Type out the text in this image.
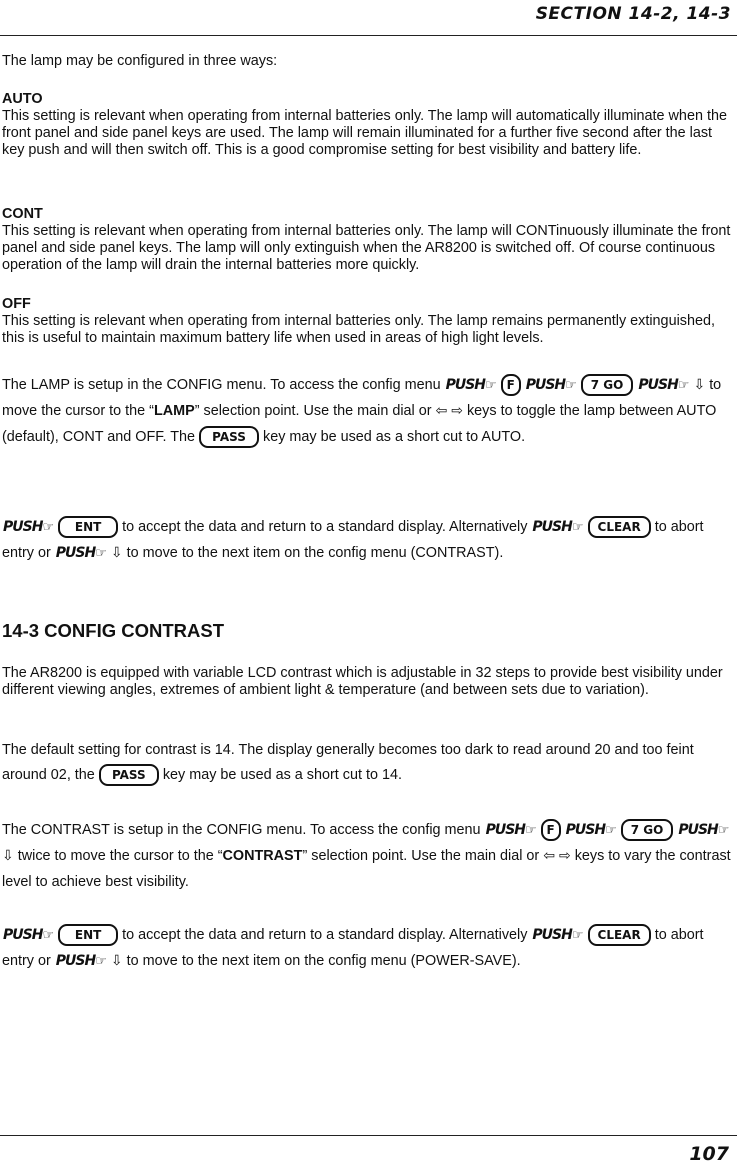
SECTION 14-2, 14-3

The lamp may be configured in three ways:

AUTO
This setting is relevant when operating from internal batteries only. The lamp will automatically illuminate when the front panel and side panel keys are used. The lamp will remain illuminated for a further five second after the last key push and will then switch off. This is a good compromise setting for best visibility and battery life.

CONT
This setting is relevant when operating from internal batteries only. The lamp will CONTinuously illuminate the front panel and side panel keys. The lamp will only extinguish when the AR8200 is switched off. Of course continuous operation of the lamp will drain the internal batteries more quickly.

OFF
This setting is relevant when operating from internal batteries only. The lamp remains permanently extinguished, this is useful to maintain maximum battery life when used in areas of high light levels.

The LAMP is setup in the CONFIG menu. To access the config menu PUSH☞ F PUSH☞ 7 GO PUSH☞ ⇩ to move the cursor to the “LAMP” selection point. Use the main dial or ⇦ ⇨ keys to toggle the lamp between AUTO (default), CONT and OFF. The PASS key may be used as a short cut to AUTO.

PUSH☞ ENT to accept the data and return to a standard display. Alternatively PUSH☞ CLEAR to abort entry or PUSH☞ ⇩ to move to the next item on the config menu (CONTRAST).

14-3 CONFIG CONTRAST

The AR8200 is equipped with variable LCD contrast which is adjustable in 32 steps to provide best visibility under different viewing angles, extremes of ambient light & temperature (and between sets due to variation).

The default setting for contrast is 14. The display generally becomes too dark to read around 20 and too feint around 02, the PASS key may be used as a short cut to 14.

The CONTRAST is setup in the CONFIG menu. To access the config menu PUSH☞ F PUSH☞ 7 GO PUSH☞ ⇩ twice to move the cursor to the “CONTRAST” selection point. Use the main dial or ⇦ ⇨ keys to vary the contrast level to achieve best visibility.

PUSH☞ ENT to accept the data and return to a standard display. Alternatively PUSH☞ CLEAR to abort entry or PUSH☞ ⇩ to move to the next item on the config menu (POWER-SAVE).

107
